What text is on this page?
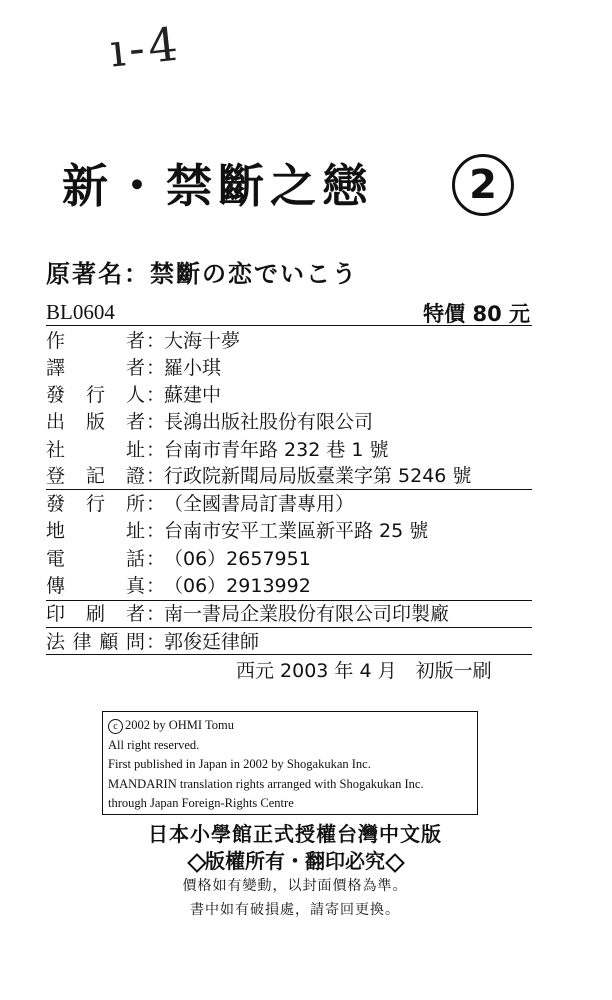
ı-4
新・禁斷之戀	2
原著名：禁斷の恋でいこう
BL0604	特價 80 元
作	者 ：
大海十夢
譯	者 ：
羅小琪
發 行 人 ：
蘇建中
出 版 者 ：
長鴻出版社股份有限公司
社	址 ：
台南市青年路 232 巷 1 號
登 記 證 ：
行政院新聞局局版臺業字第 5246 號
發 行 所 ：
（全國書局訂書專用）
地	址 ：
台南市安平工業區新平路 25 號
電	話 ：
（06）2657951
傳	真 ：
（06）2913992
印 刷 者 ：
南一書局企業股份有限公司印製廠
法 律 顧 問 ：
郭俊廷律師
西元 2003 年 4 月　初版一刷
c 2002 by OHMI Tomu
All right reserved.
First published in Japan in 2002 by Shogakukan Inc.
MANDARIN translation rights arranged with Shogakukan Inc.
through Japan Foreign-Rights Centre
日本小學館正式授權台灣中文版
版權所有・翻印必究
價格如有變動，以封面價格為準。
書中如有破損處，請寄回更換。
